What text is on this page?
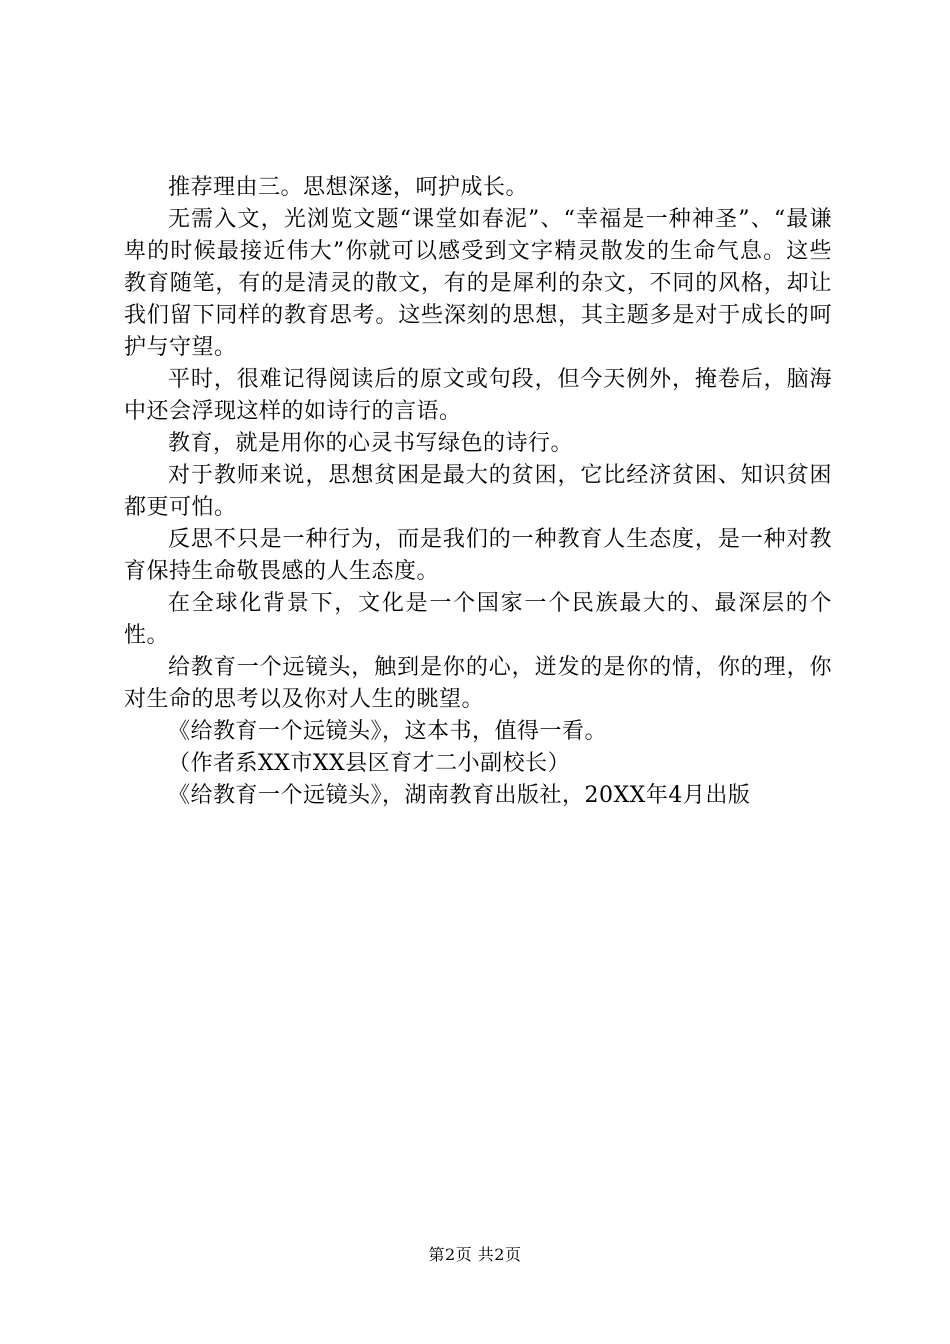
推荐理由三。思想深遂，呵护成长。

无需入文，光浏览文题“课堂如春泥”、“幸福是一种神圣”、“最谦卑的时候最接近伟大”你就可以感受到文字精灵散发的生命气息。这些教育随笔，有的是清灵的散文，有的是犀利的杂文，不同的风格，却让我们留下同样的教育思考。这些深刻的思想，其主题多是对于成长的呵护与守望。

平时，很难记得阅读后的原文或句段，但今天例外，掩卷后，脑海中还会浮现这样的如诗行的言语。

教育，就是用你的心灵书写绿色的诗行。

对于教师来说，思想贫困是最大的贫困，它比经济贫困、知识贫困都更可怕。

反思不只是一种行为，而是我们的一种教育人生态度，是一种对教育保持生命敬畏感的人生态度。

在全球化背景下，文化是一个国家一个民族最大的、最深层的个性。

给教育一个远镜头，触到是你的心，迸发的是你的情，你的理，你对生命的思考以及你对人生的眺望。

《给教育一个远镜头》，这本书，值得一看。

（作者系XX市XX县区育才二小副校长）

《给教育一个远镜头》，湖南教育出版社，20XX年4月出版

第2页 共2页
